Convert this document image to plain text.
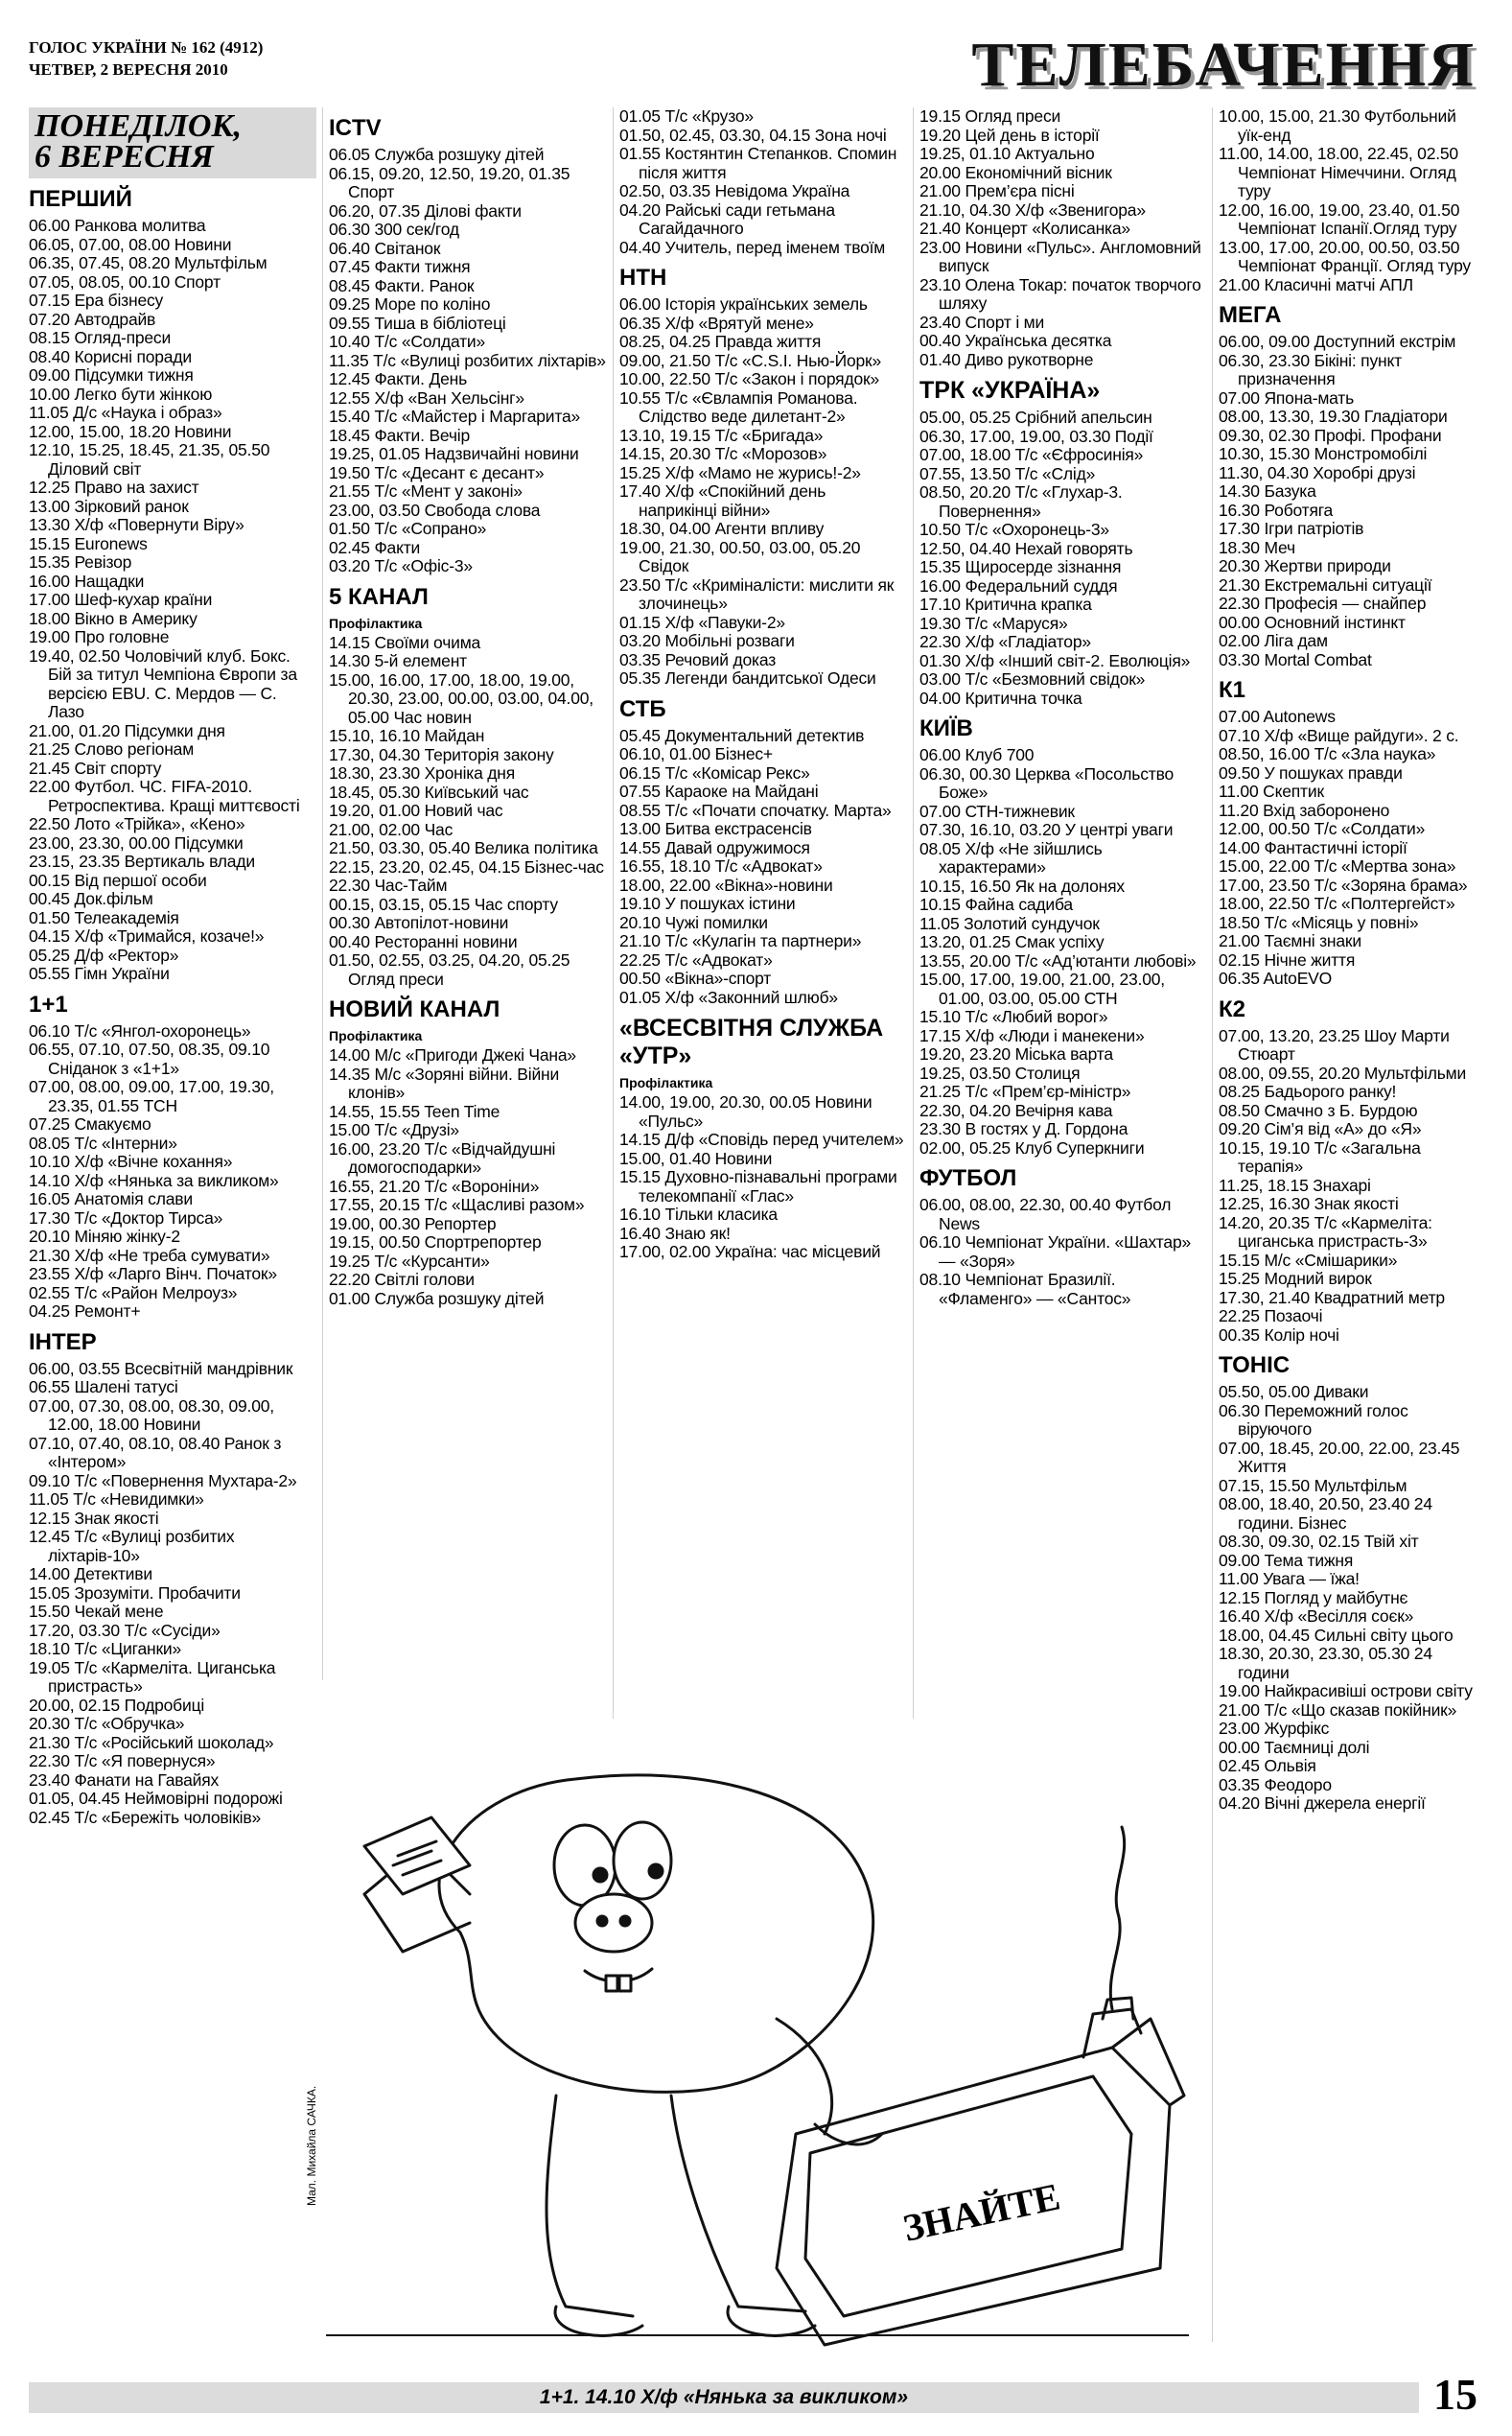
ГОЛОС УКРАЇНИ № 162 (4912)
ЧЕТВЕР, 2 ВЕРЕСНЯ 2010	ТЕЛЕБАЧЕННЯ
ПОНЕДІЛОК,
6 ВЕРЕСНЯ
ПЕРШИЙ
06.00 Ранкова молитва
06.05, 07.00, 08.00 Новини
06.35, 07.45, 08.20 Мультфільм
07.05, 08.05, 00.10 Спорт
07.15 Ера бізнесу
07.20 Автодрайв
08.15 Огляд-преси
08.40 Корисні поради
09.00 Підсумки тижня
10.00 Легко бути жінкою
11.05 Д/с «Наука і образ»
12.00, 15.00, 18.20 Новини
12.10, 15.25, 18.45, 21.35, 05.50 Діловий світ
12.25 Право на захист
13.00 Зірковий ранок
13.30 Х/ф «Повернути Віру»
15.15 Euronews
15.35 Ревізор
16.00 Нащадки
17.00 Шеф-кухар країни
18.00 Вікно в Америку
19.00 Про головне
19.40, 02.50 Чоловічий клуб. Бокс. Бій за титул Чемпіона Європи за версією EBU. С. Мердов — С. Лазо
21.00, 01.20 Підсумки дня
21.25 Слово регіонам
21.45 Світ спорту
22.00 Футбол. ЧС. FIFA-2010. Ретроспектива. Кращі миттєвості
22.50 Лото «Трійка», «Кено»
23.00, 23.30, 00.00 Підсумки
23.15, 23.35 Вертикаль влади
00.15 Від першої особи
00.45 Док.фільм
01.50 Телеакадемія
04.15 Х/ф «Тримайся, козаче!»
05.25 Д/ф «Ректор»
05.55 Гімн України
1+1
06.10 Т/с «Янгол-охоронець»
06.55, 07.10, 07.50, 08.35, 09.10 Сніданок з «1+1»
07.00, 08.00, 09.00, 17.00, 19.30, 23.35, 01.55 ТСН
07.25 Смакуємо
08.05 Т/с «Інтерни»
10.10 Х/ф «Вічне кохання»
14.10 Х/ф «Нянька за викликом»
16.05 Анатомія слави
17.30 Т/с «Доктор Тирса»
20.10 Міняю жінку-2
21.30 Х/ф «Не треба сумувати»
23.55 Х/ф «Ларго Вінч. Початок»
02.55 Т/с «Район Мелроуз»
04.25 Ремонт+
ІНТЕР
06.00, 03.55 Всесвітній мандрівник
06.55 Шалені татусі
07.00, 07.30, 08.00, 08.30, 09.00, 12.00, 18.00 Новини
07.10, 07.40, 08.10, 08.40 Ранок з «Інтером»
09.10 Т/с «Повернення Мухтара-2»
11.05 Т/с «Невидимки»
12.15 Знак якості
12.45 Т/с «Вулиці розбитих ліхтарів-10»
14.00 Детективи
15.05 Зрозуміти. Пробачити
15.50 Чекай мене
17.20, 03.30 Т/с «Сусіди»
18.10 Т/с «Циганки»
19.05 Т/с «Кармеліта. Циганська пристрасть»
20.00, 02.15 Подробиці
20.30 Т/с «Обручка»
21.30 Т/с «Російський шоколад»
22.30 Т/с «Я повернуся»
23.40 Фанати на Гавайях
01.05, 04.45 Неймовірні подорожі
02.45 Т/с «Бережіть чоловіків»
ICTV
06.05 Служба розшуку дітей
06.15, 09.20, 12.50, 19.20, 01.35 Спорт
06.20, 07.35 Ділові факти
06.30 300 сек/год
06.40 Світанок
07.45 Факти тижня
08.45 Факти. Ранок
09.25 Море по коліно
09.55 Тиша в бібліотеці
10.40 Т/с «Солдати»
11.35 Т/с «Вулиці розбитих ліхтарів»
12.45 Факти. День
12.55 Х/ф «Ван Хельсінг»
15.40 Т/с «Майстер і Маргарита»
18.45 Факти. Вечір
19.25, 01.05 Надзвичайні новини
19.50 Т/с «Десант є десант»
21.55 Т/с «Мент у законі»
23.00, 03.50 Свобода слова
01.50 Т/с «Сопрано»
02.45 Факти
03.20 Т/с «Офіс-3»
5 КАНАЛ
Профілактика
14.15 Своїми очима
14.30 5-й елемент
15.00, 16.00, 17.00, 18.00, 19.00, 20.30, 23.00, 00.00, 03.00, 04.00, 05.00 Час новин
15.10, 16.10 Майдан
17.30, 04.30 Територія закону
18.30, 23.30 Хроніка дня
18.45, 05.30 Київський час
19.20, 01.00 Новий час
21.00, 02.00 Час
21.50, 03.30, 05.40 Велика політика
22.15, 23.20, 02.45, 04.15 Бізнес-час
22.30 Час-Тайм
00.15, 03.15, 05.15 Час спорту
00.30 Автопілот-новини
00.40 Ресторанні новини
01.50, 02.55, 03.25, 04.20, 05.25 Огляд преси
НОВИЙ КАНАЛ
Профілактика
14.00 М/с «Пригоди Джекі Чана»
14.35 М/с «Зоряні війни. Війни клонів»
14.55, 15.55 Teen Time
15.00 Т/с «Друзі»
16.00, 23.20 Т/с «Відчайдушні домогосподарки»
16.55, 21.20 Т/с «Вороніни»
17.55, 20.15 Т/с «Щасливі разом»
19.00, 00.30 Репортер
19.15, 00.50 Спортрепортер
19.25 Т/с «Курсанти»
22.20 Світлі голови
01.00 Служба розшуку дітей
01.05 Т/с «Крузо»
01.50, 02.45, 03.30, 04.15 Зона ночі
01.55 Костянтин Степанков. Спомин після життя
02.50, 03.35 Невідома Україна
04.20 Райські сади гетьмана Сагайдачного
04.40 Учитель, перед іменем твоїм
НТН
06.00 Історія українських земель
06.35 Х/ф «Врятуй мене»
08.25, 04.25 Правда життя
09.00, 21.50 Т/с «C.S.I. Нью-Йорк»
10.00, 22.50 Т/с «Закон і порядок»
10.55 Т/с «Євлампія Романова. Слідство веде дилетант-2»
13.10, 19.15 Т/с «Бригада»
14.15, 20.30 Т/с «Морозов»
15.25 Х/ф «Мамо не журись!-2»
17.40 Х/ф «Спокійний день наприкінці війни»
18.30, 04.00 Агенти впливу
19.00, 21.30, 00.50, 03.00, 05.20 Свідок
23.50 Т/с «Криміналісти: мислити як злочинець»
01.15 Х/ф «Павуки-2»
03.20 Мобільні розваги
03.35 Речовий доказ
05.35 Легенди бандитської Одеси
СТБ
05.45 Документальний детектив
06.10, 01.00 Бізнес+
06.15 Т/с «Комісар Рекс»
07.55 Караоке на Майдані
08.55 Т/с «Почати спочатку. Марта»
13.00 Битва екстрасенсів
14.55 Давай одружимося
16.55, 18.10 Т/с «Адвокат»
18.00, 22.00 «Вікна»-новини
19.10 У пошуках істини
20.10 Чужі помилки
21.10 Т/с «Кулагін та партнери»
22.25 Т/с «Адвокат»
00.50 «Вікна»-спорт
01.05 Х/ф «Законний шлюб»
«ВСЕСВІТНЯ СЛУЖБА «УТР»
Профілактика
14.00, 19.00, 20.30, 00.05 Новини «Пульс»
14.15 Д/ф «Сповідь перед учителем»
15.00, 01.40 Новини
15.15 Духовно-пізнавальні програми телекомпанії «Глас»
16.10 Тільки класика
16.40 Знаю як!
17.00, 02.00 Україна: час місцевий
19.15 Огляд преси
19.20 Цей день в історії
19.25, 01.10 Актуально
20.00 Економічний вісник
21.00 Прем’єра пісні
21.10, 04.30 Х/ф «Звенигора»
21.40 Концерт «Колисанка»
23.00 Новини «Пульс». Англомовний випуск
23.10 Олена Токар: початок творчого шляху
23.40 Спорт і ми
00.40 Українська десятка
01.40 Диво рукотворне
ТРК «УКРАЇНА»
05.00, 05.25 Срібний апельсин
06.30, 17.00, 19.00, 03.30 Події
07.00, 18.00 Т/с «Єфросинія»
07.55, 13.50 Т/с «Слід»
08.50, 20.20 Т/с «Глухар-3. Повернення»
10.50 Т/с «Охоронець-3»
12.50, 04.40 Нехай говорять
15.35 Щиросерде зізнання
16.00 Федеральний суддя
17.10 Критична крапка
19.30 Т/с «Маруся»
22.30 Х/ф «Гладіатор»
01.30 Х/ф «Інший світ-2. Еволюція»
03.00 Т/с «Безмовний свідок»
04.00 Критична точка
КИЇВ
06.00 Клуб 700
06.30, 00.30 Церква «Посольство Боже»
07.00 СТН-тижневик
07.30, 16.10, 03.20 У центрі уваги
08.05 Х/ф «Не зійшлись характерами»
10.15, 16.50 Як на долонях
10.15 Файна садиба
11.05 Золотий сундучок
13.20, 01.25 Смак успіху
13.55, 20.00 Т/с «Ад’ютанти любові»
15.00, 17.00, 19.00, 21.00, 23.00, 01.00, 03.00, 05.00 СТН
15.10 Т/с «Любий ворог»
17.15 Х/ф «Люди і манекени»
19.20, 23.20 Міська варта
19.25, 03.50 Столиця
21.25 Т/с «Прем’єр-міністр»
22.30, 04.20 Вечірня кава
23.30 В гостях у Д. Гордона
02.00, 05.25 Клуб Суперкниги
ФУТБОЛ
06.00, 08.00, 22.30, 00.40 Футбол News
06.10 Чемпіонат України. «Шахтар» — «Зоря»
08.10 Чемпіонат Бразилії. «Фламенго» — «Сантос»
10.00, 15.00, 21.30 Футбольний уїк-енд
11.00, 14.00, 18.00, 22.45, 02.50 Чемпіонат Німеччини. Огляд туру
12.00, 16.00, 19.00, 23.40, 01.50 Чемпіонат Іспанії.Огляд туру
13.00, 17.00, 20.00, 00.50, 03.50 Чемпіонат Франції. Огляд туру
21.00 Класичні матчі АПЛ
МЕГА
06.00, 09.00 Доступний екстрім
06.30, 23.30 Бікіні: пункт призначення
07.00 Япона-мать
08.00, 13.30, 19.30 Гладіатори
09.30, 02.30 Профі. Профани
10.30, 15.30 Монстромобілі
11.30, 04.30 Хоробрі друзі
14.30 Базука
16.30 Роботяга
17.30 Ігри патріотів
18.30 Меч
20.30 Жертви природи
21.30 Екстремальні ситуації
22.30 Професія — снайпер
00.00 Основний інстинкт
02.00 Ліга дам
03.30 Mortal Combat
К1
07.00 Autonews
07.10 Х/ф «Вище райдуги». 2 с.
08.50, 16.00 Т/с «Зла наука»
09.50 У пошуках правди
11.00 Скептик
11.20 Вхід заборонено
12.00, 00.50 Т/с «Солдати»
14.00 Фантастичні історії
15.00, 22.00 Т/с «Мертва зона»
17.00, 23.50 Т/с «Зоряна брама»
18.00, 22.50 Т/с «Полтергейст»
18.50 Т/с «Місяць у повні»
21.00 Таємні знаки
02.15 Нічне життя
06.35 AutoEVO
К2
07.00, 13.20, 23.25 Шоу Марти Стюарт
08.00, 09.55, 20.20 Мультфільми
08.25 Бадьорого ранку!
08.50 Смачно з Б. Бурдою
09.20 Сім’я від «А» до «Я»
10.15, 19.10 Т/с «Загальна терапія»
11.25, 18.15 Знахарі
12.25, 16.30 Знак якості
14.20, 20.35 Т/с «Кармеліта: циганська пристрасть-3»
15.15 М/с «Смішарики»
15.25 Модний вирок
17.30, 21.40 Квадратний метр
22.25 Позаочі
00.35 Колір ночі
ТОНІС
05.50, 05.00 Диваки
06.30 Переможний голос віруючого
07.00, 18.45, 20.00, 22.00, 23.45 Життя
07.15, 15.50 Мультфільм
08.00, 18.40, 20.50, 23.40 24 години. Бізнес
08.30, 09.30, 02.15 Твій хіт
09.00 Тема тижня
11.00 Увага — їжа!
12.15 Погляд у майбутнє
16.40 Х/ф «Весілля соєк»
18.00, 04.45 Сильні світу цього
18.30, 20.30, 23.30, 05.30 24 години
19.00 Найкрасивіші острови світу
21.00 Т/с «Що сказав покійник»
23.00 Журфікс
00.00 Таємниці долі
02.45 Ольвія
03.35 Феодоро
04.20 Вічні джерела енергії
Мал. Михайла САЧКА.
ЗНАЙТЕ
1+1. 14.10 Х/ф «Нянька за викликом»	15
